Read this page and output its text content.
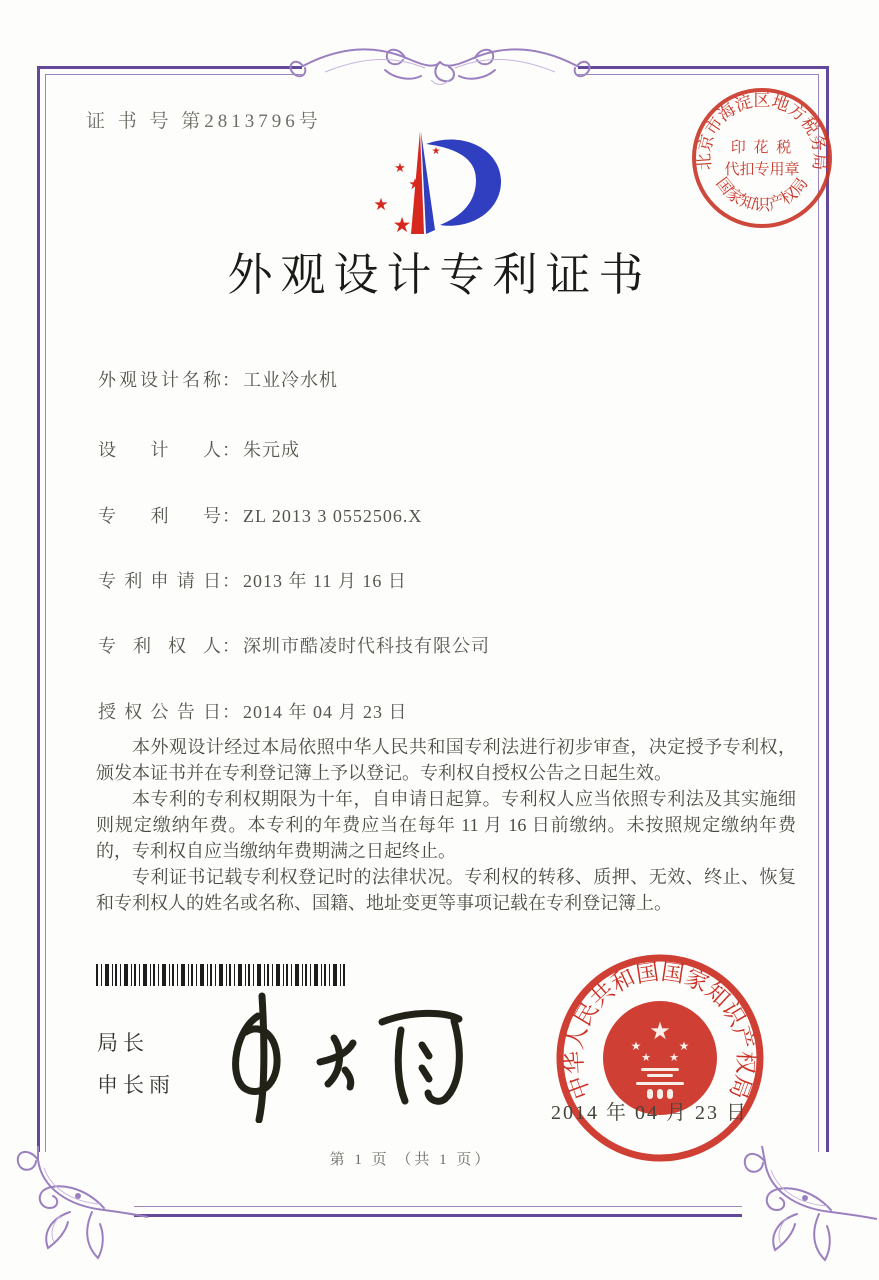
证 书 号 第2813796号
★
★
★
★
★
外观设计专利证书
北京市海淀区地方税务局
国家知识产权局
印 花 税
代扣专用章
外观设计名称： 工业冷水机
设计人： 朱元成
专利号： ZL 2013 3 0552506.X
专利申请日： 2013 年 11 月 16 日
专利权人： 深圳市酷凌时代科技有限公司
授权公告日： 2014 年 04 月 23 日

本外观设计经过本局依照中华人民共和国专利法进行初步审查，决定授予专利权，颁发本证书并在专利登记簿上予以登记。专利权自授权公告之日起生效。

本专利的专利权期限为十年，自申请日起算。专利权人应当依照专利法及其实施细则规定缴纳年费。本专利的年费应当在每年 11 月 16 日前缴纳。未按照规定缴纳年费的，专利权自应当缴纳年费期满之日起终止。

专利证书记载专利权登记时的法律状况。专利权的转移、质押、无效、终止、恢复和专利权人的姓名或名称、国籍、地址变更等事项记载在专利登记簿上。

局长
申长雨	中华人民共和国国家知识产权局
★
★	★
★ ★
2014 年 04 月 23 日
第 1 页 （共 1 页）
